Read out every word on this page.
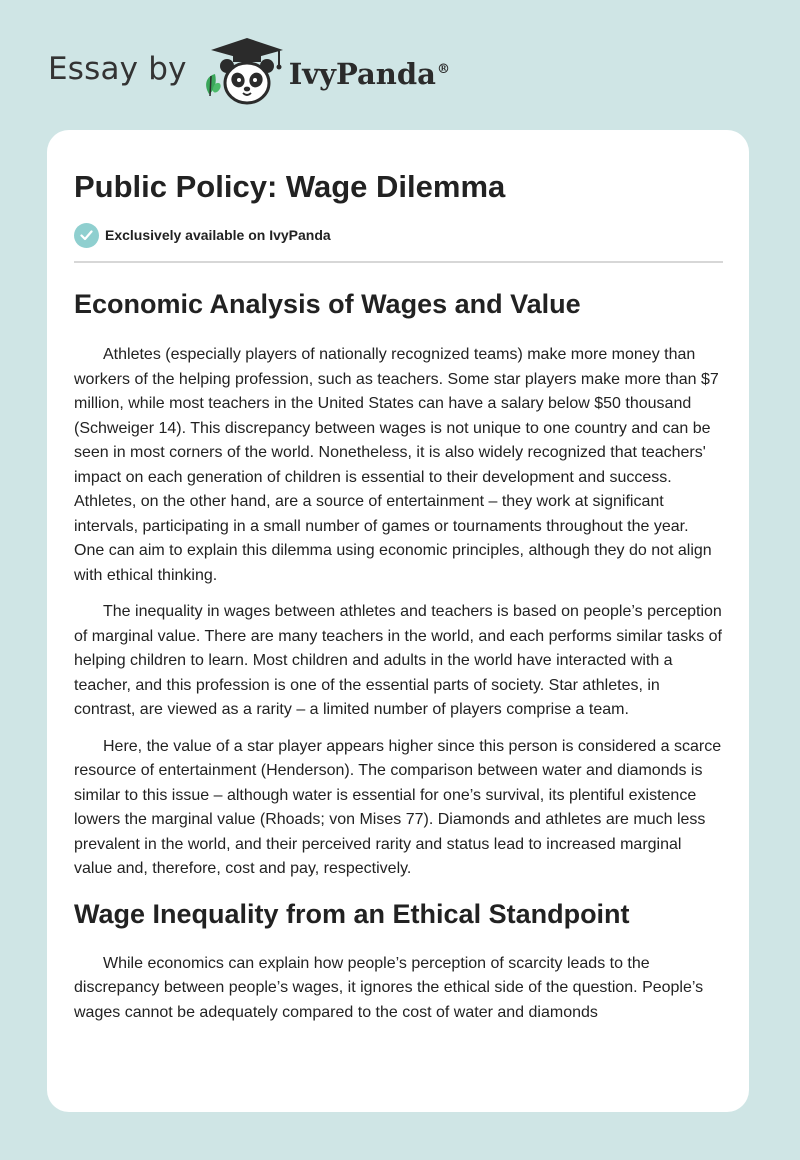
Essay by	IvyPanda®
Public Policy: Wage Dilemma
Exclusively available on IvyPanda
Economic Analysis of Wages and Value

Athletes (especially players of nationally recognized teams) make more money than workers of the helping profession, such as teachers. Some star players make more than $7 million, while most teachers in the United States can have a salary below $50 thousand (Schweiger 14). This discrepancy between wages is not unique to one country and can be seen in most corners of the world. Nonetheless, it is also widely recognized that teachers' impact on each generation of children is essential to their development and success. Athletes, on the other hand, are a source of entertainment – they work at significant intervals, participating in a small number of games or tournaments throughout the year. One can aim to explain this dilemma using economic principles, although they do not align with ethical thinking.

The inequality in wages between athletes and teachers is based on people’s perception of marginal value. There are many teachers in the world, and each performs similar tasks of helping children to learn. Most children and adults in the world have interacted with a teacher, and this profession is one of the essential parts of society. Star athletes, in contrast, are viewed as a rarity – a limited number of players comprise a team.

Here, the value of a star player appears higher since this person is considered a scarce resource of entertainment (Henderson). The comparison between water and diamonds is similar to this issue – although water is essential for one’s survival, its plentiful existence lowers the marginal value (Rhoads; von Mises 77). Diamonds and athletes are much less prevalent in the world, and their perceived rarity and status lead to increased marginal value and, therefore, cost and pay, respectively.

Wage Inequality from an Ethical Standpoint

While economics can explain how people’s perception of scarcity leads to the discrepancy between people’s wages, it ignores the ethical side of the question. People’s wages cannot be adequately compared to the cost of water and diamonds
